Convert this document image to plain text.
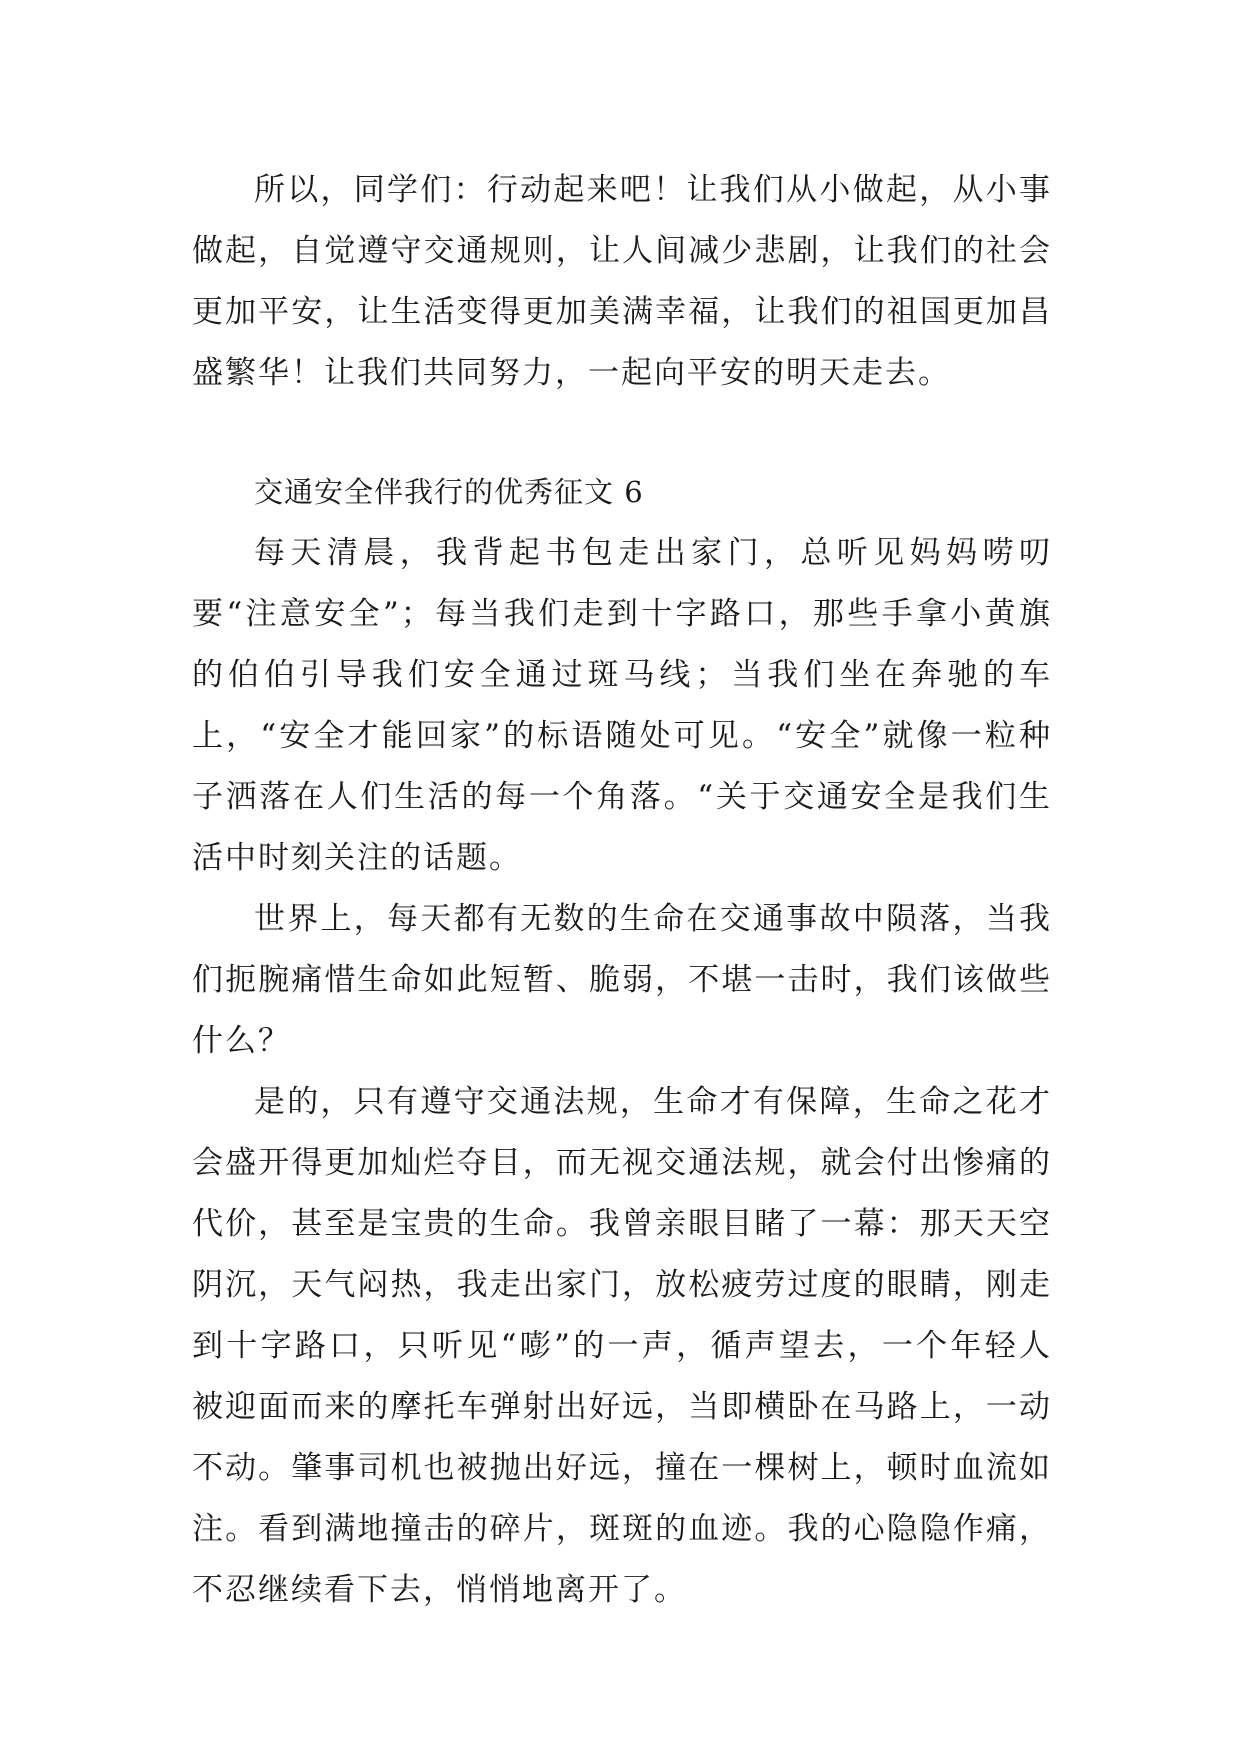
所以，同学们：行动起来吧！让我们从小做起，从小事做起，自觉遵守交通规则，让人间减少悲剧，让我们的社会更加平安，让生活变得更加美满幸福，让我们的祖国更加昌盛繁华！让我们共同努力，一起向平安的明天走去。

交通安全伴我行的优秀征文 6

每天清晨，我背起书包走出家门，总听见妈妈唠叨要“注意安全”；每当我们走到十字路口，那些手拿小黄旗的伯伯引导我们安全通过斑马线；当我们坐在奔驰的车上，“安全才能回家”的标语随处可见。“安全”就像一粒种子洒落在人们生活的每一个角落。“关于交通安全是我们生活中时刻关注的话题。

世界上，每天都有无数的生命在交通事故中陨落，当我们扼腕痛惜生命如此短暂、脆弱，不堪一击时，我们该做些什么？

是的，只有遵守交通法规，生命才有保障，生命之花才会盛开得更加灿烂夺目，而无视交通法规，就会付出惨痛的代价，甚至是宝贵的生命。我曾亲眼目睹了一幕：那天天空阴沉，天气闷热，我走出家门，放松疲劳过度的眼睛，刚走到十字路口，只听见“嘭”的一声，循声望去，一个年轻人被迎面而来的摩托车弹射出好远，当即横卧在马路上，一动不动。肇事司机也被抛出好远，撞在一棵树上，顿时血流如注。看到满地撞击的碎片，斑斑的血迹。我的心隐隐作痛，不忍继续看下去，悄悄地离开了。
